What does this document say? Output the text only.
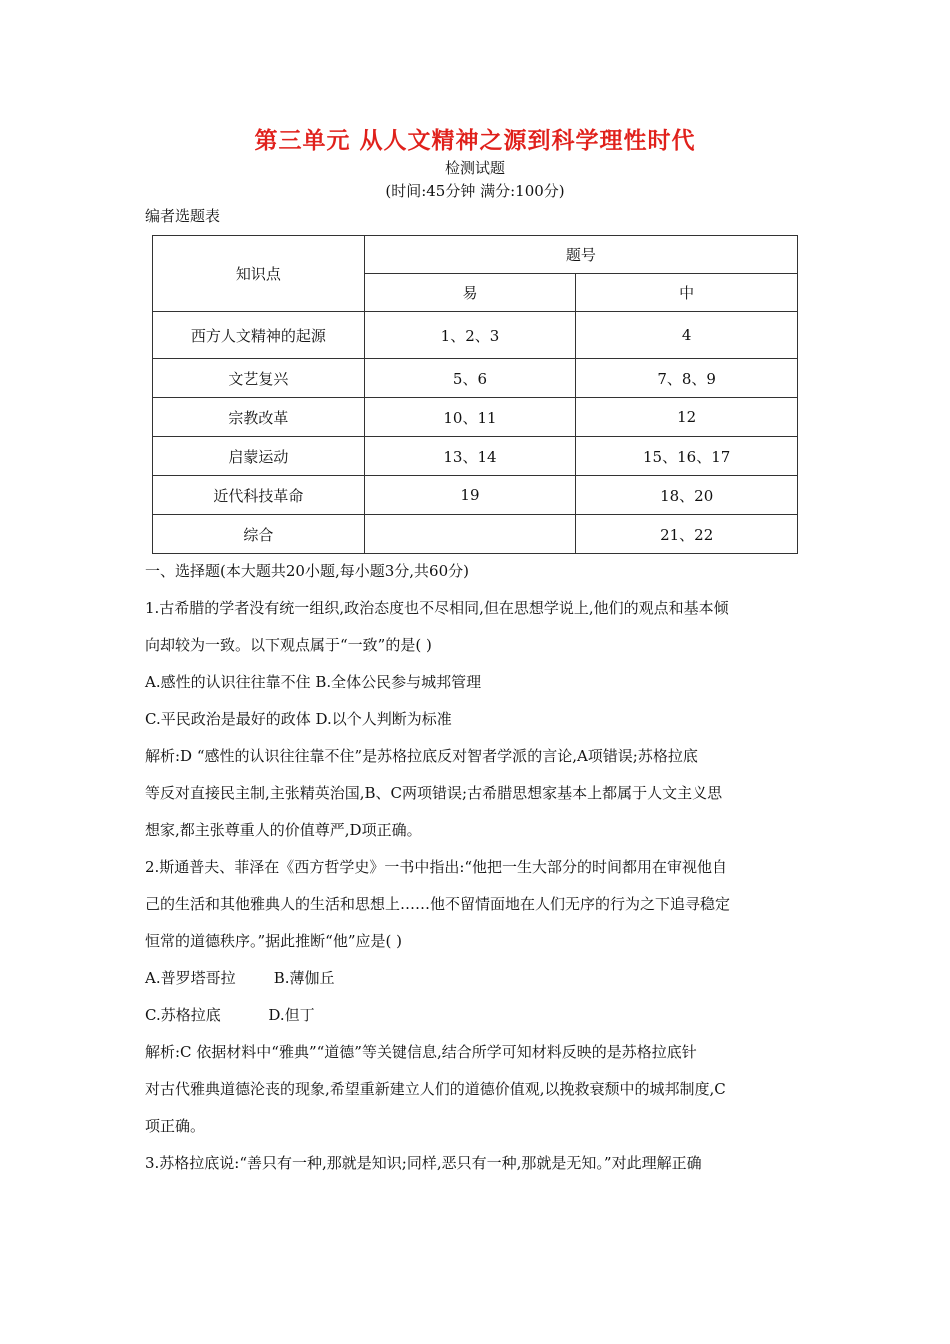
第三单元 从人文精神之源到科学理性时代
检测试题
(时间:45分钟 满分:100分)
编者选题表
知识点	题号	
	易	中
西方人文精神的起源	1、2、3	4
文艺复兴	5、6	7、8、9
宗教改革	10、11	12
启蒙运动	13、14	15、16、17
近代科技革命	19	18、20
综合		21、22

一、选择题(本大题共20小题,每小题3分,共60分)

1.古希腊的学者没有统一组织,政治态度也不尽相同,但在思想学说上,他们的观点和基本倾

向却较为一致。以下观点属于“一致”的是( )

A.感性的认识往往靠不住 B.全体公民参与城邦管理

C.平民政治是最好的政体 D.以个人判断为标准

解析:D “感性的认识往往靠不住”是苏格拉底反对智者学派的言论,A项错误;苏格拉底

等反对直接民主制,主张精英治国,B、C两项错误;古希腊思想家基本上都属于人文主义思

想家,都主张尊重人的价值尊严,D项正确。

2.斯通普夫、菲泽在《西方哲学史》一书中指出:“他把一生大部分的时间都用在审视他自

己的生活和其他雅典人的生活和思想上……他不留情面地在人们无序的行为之下追寻稳定

恒常的道德秩序。”据此推断“他”应是( )

A.普罗塔哥拉        B.薄伽丘

C.苏格拉底          D.但丁

解析:C 依据材料中“雅典”“道德”等关键信息,结合所学可知材料反映的是苏格拉底针

对古代雅典道德沦丧的现象,希望重新建立人们的道德价值观,以挽救衰颓中的城邦制度,C

项正确。

3.苏格拉底说:“善只有一种,那就是知识;同样,恶只有一种,那就是无知。”对此理解正确
